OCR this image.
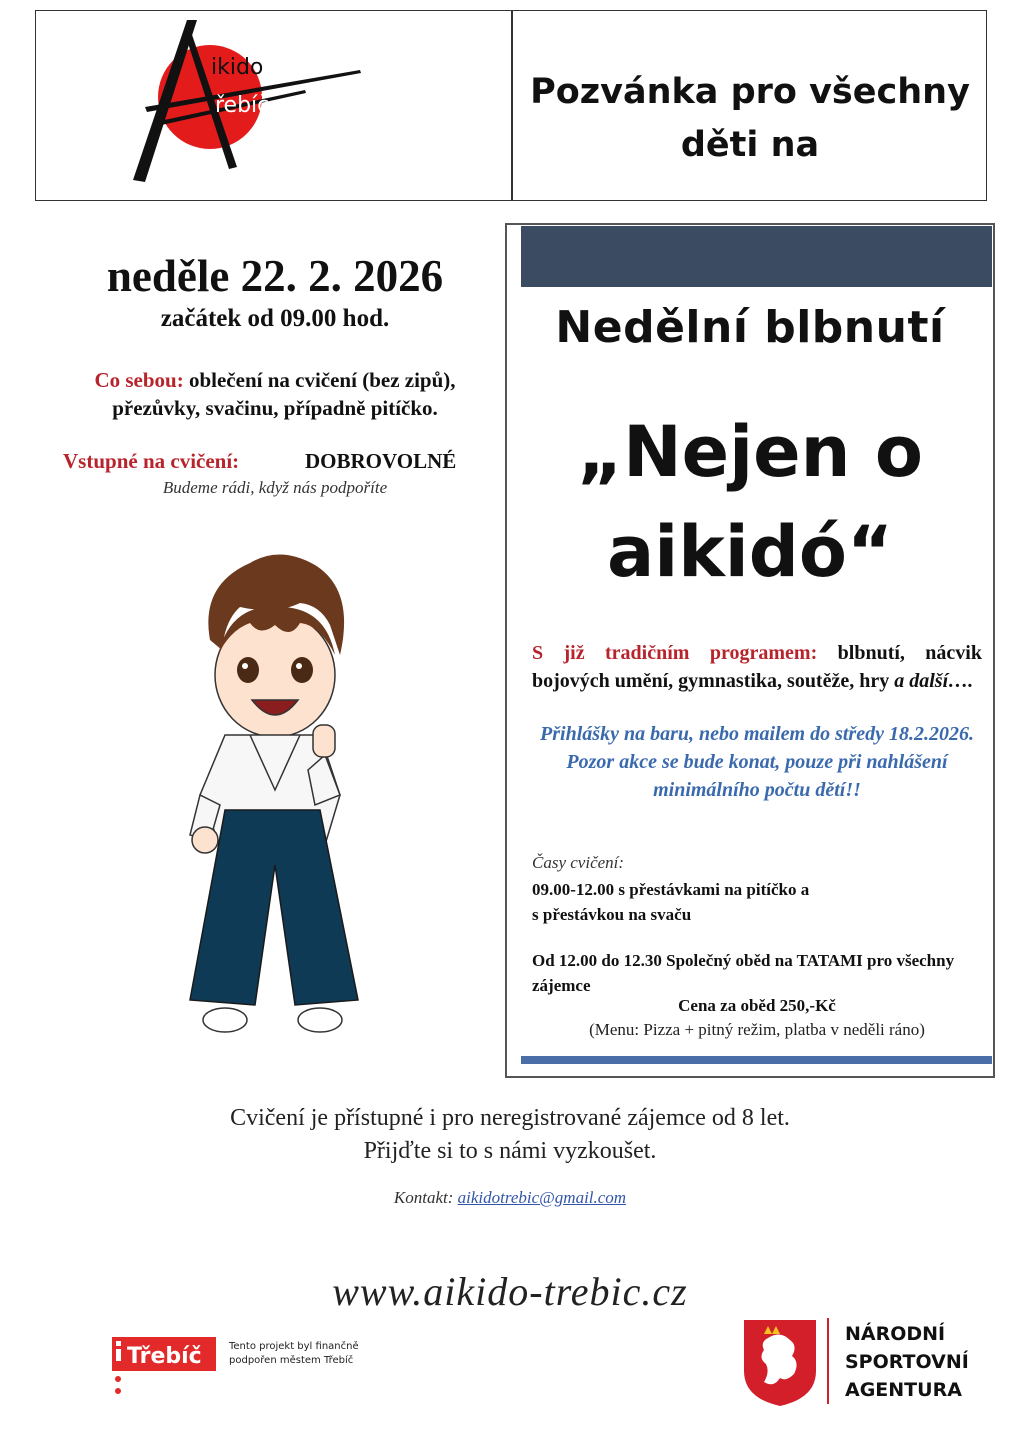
ikido
řebíč	Pozvánka pro všechny
děti na
neděle 22. 2. 2026
začátek od 09.00 hod.
Co sebou: oblečení na cvičení (bez zipů), přezůvky, svačinu, případně pitíčko.
Vstupné na cvičení:	DOBROVOLNÉ
Budeme rádi, když nás podpoříte
Nedělní blbnutí
„Nejen o
aikidó“
S již tradičním programem: blbnutí, nácvik bojových umění, gymnastika, soutěže, hry a další….
Přihlášky na baru, nebo mailem do středy 18.2.2026.
Pozor akce se bude konat, pouze při nahlášení minimálního počtu dětí!!
Časy cvičení:
09.00-12.00 s přestávkami na pitíčko a
s přestávkou na svaču
Od 12.00 do 12.30 Společný oběd na TATAMI pro všechny zájemce
Cena za oběd 250,-Kč
(Menu: Pizza + pitný režim, platba v neděli ráno)
Cvičení je přístupné i pro neregistrované zájemce od 8 let.
Přijďte si to s námi vyzkoušet.
Kontakt: aikidotrebic@gmail.com
www.aikido-trebic.cz
Třebíč	Tento projekt byl finančně
podpořen městem Třebíč
NÁRODNÍ
SPORTOVNÍ
AGENTURA
